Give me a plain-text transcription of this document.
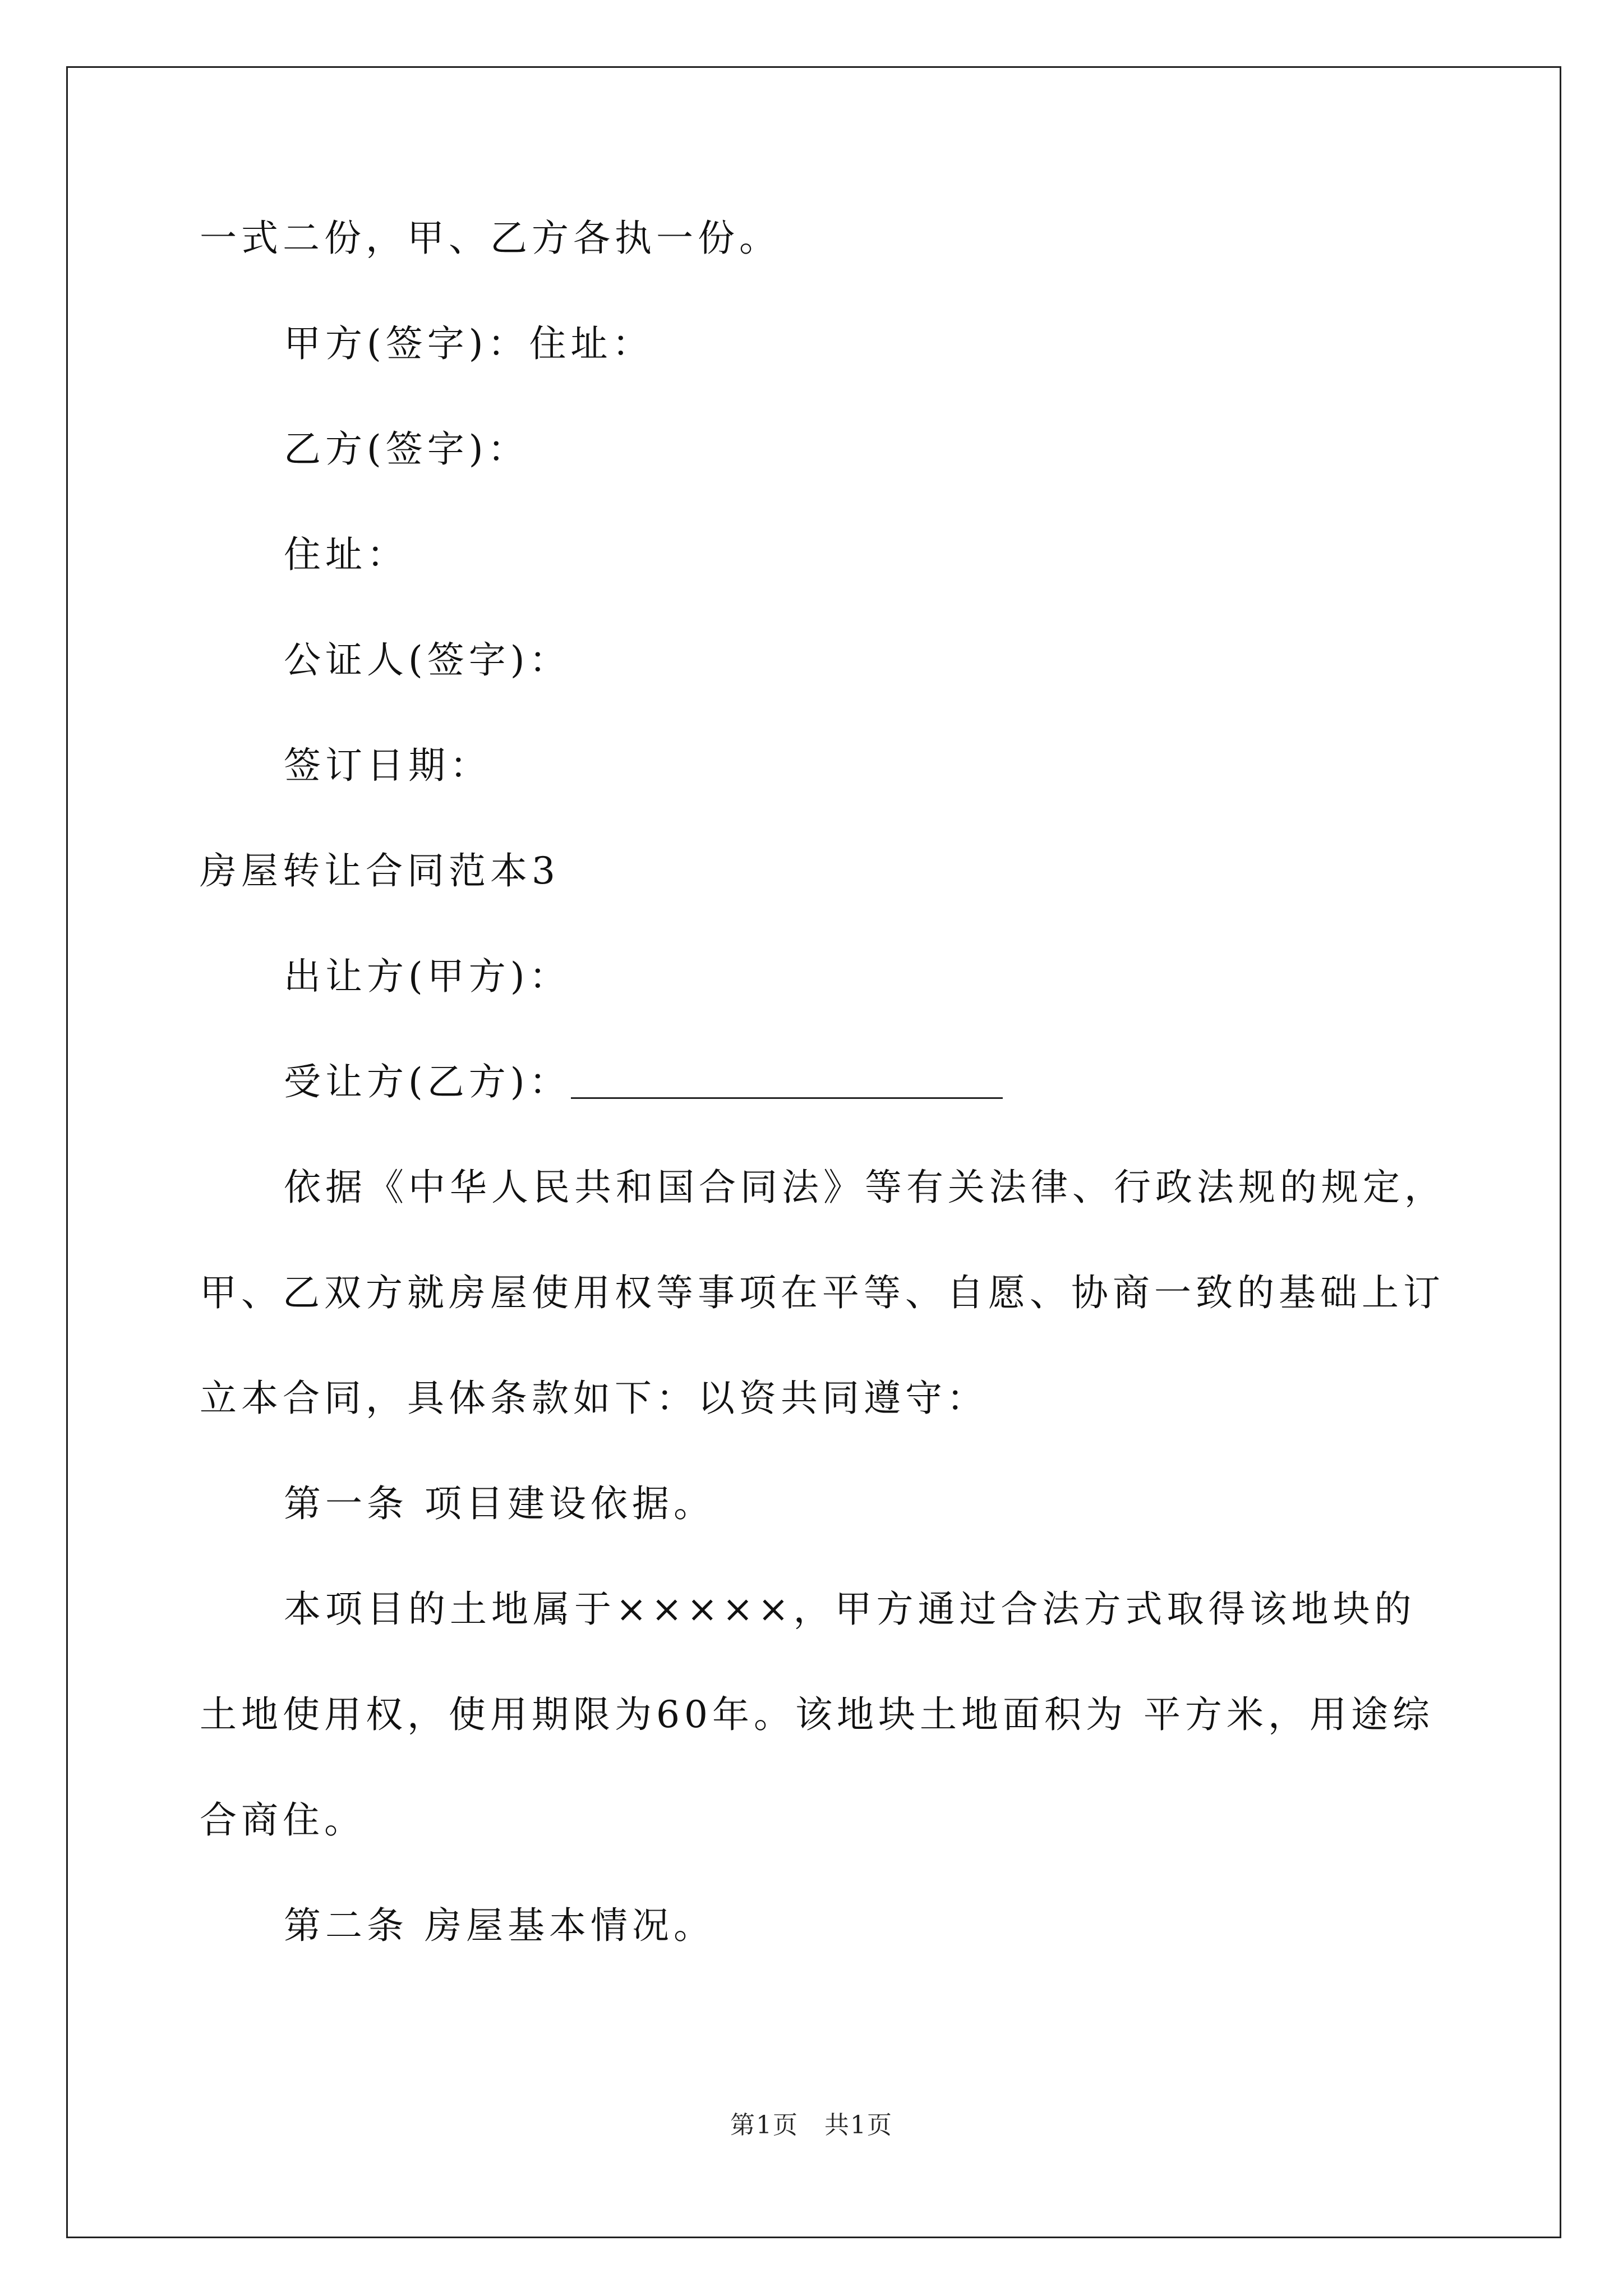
一式二份，甲、乙方各执一份。
甲方(签字)：住址：
乙方(签字)：
住址：
公证人(签字)：
签订日期：
房屋转让合同范本3
出让方(甲方)：
受让方(乙方)：
依据《中华人民共和国合同法》等有关法律、行政法规的规定，
甲、乙双方就房屋使用权等事项在平等、自愿、协商一致的基础上订
立本合同，具体条款如下：以资共同遵守：
第一条 项目建设依据。
本项目的土地属于×××××，甲方通过合法方式取得该地块的
土地使用权，使用期限为60年。该地块土地面积为 平方米，用途综
合商住。
第二条 房屋基本情况。
第1页　共1页
